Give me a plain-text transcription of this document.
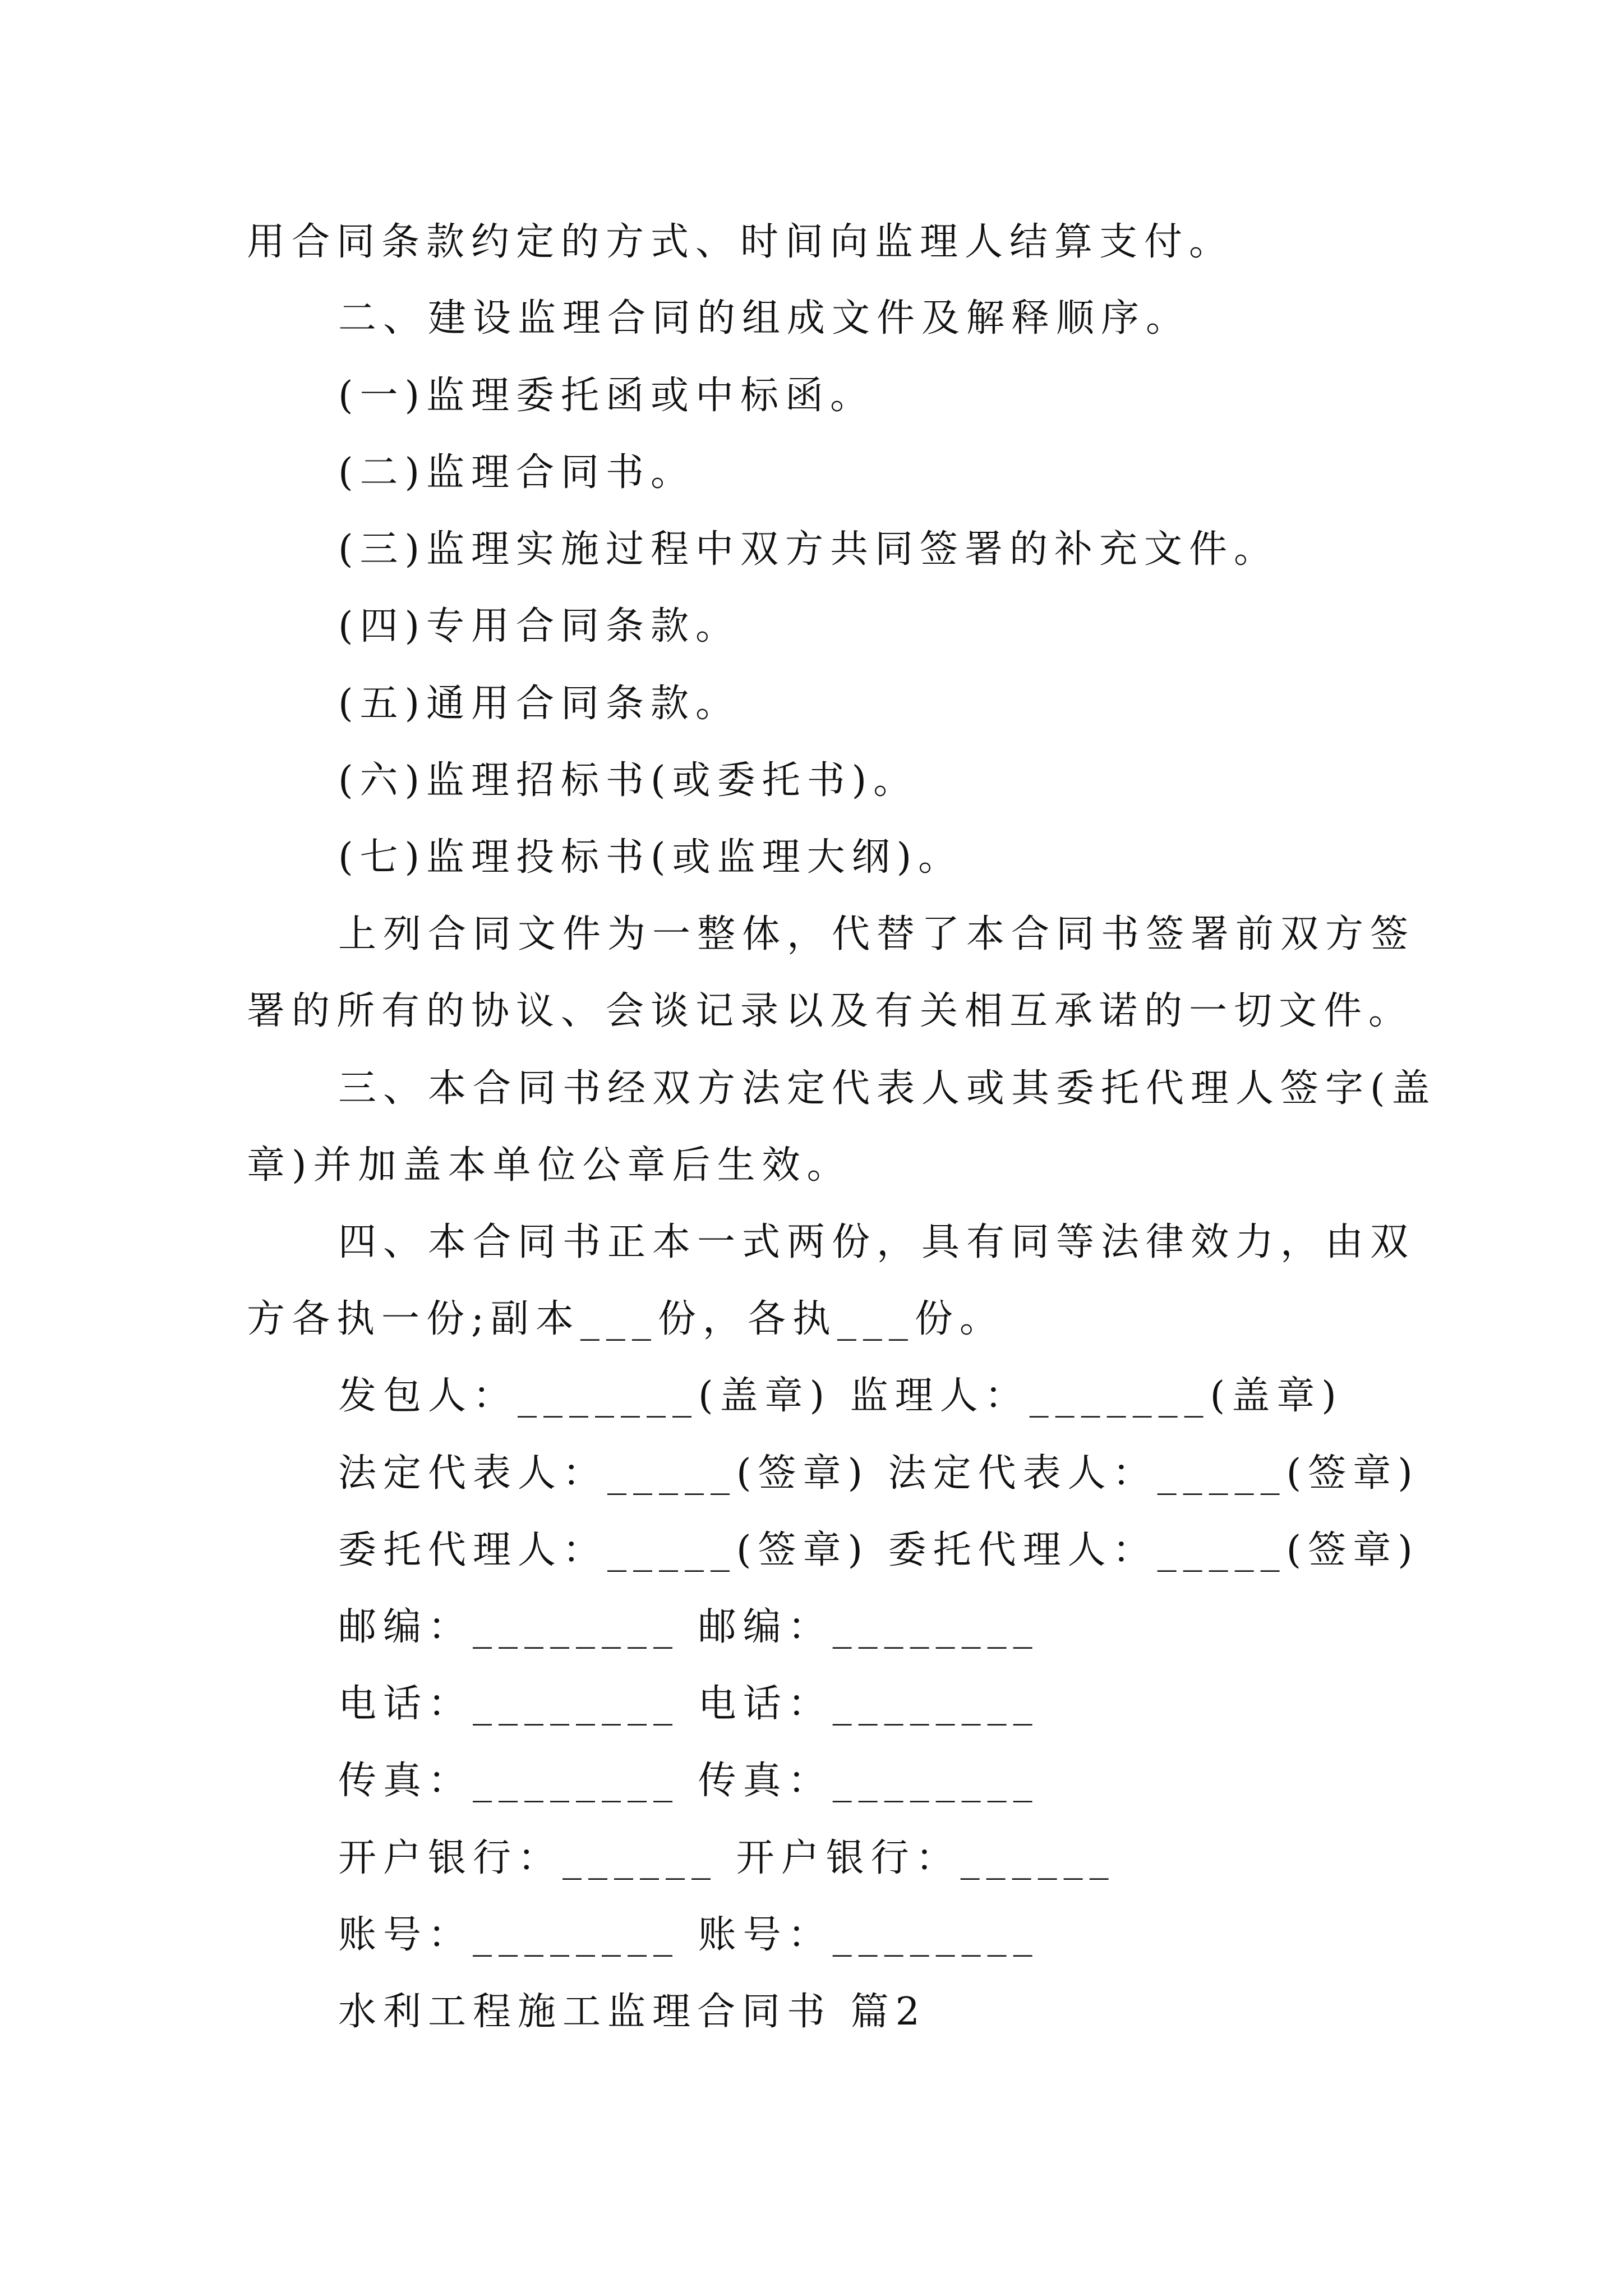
用合同条款约定的方式、时间向监理人结算支付。
二、建设监理合同的组成文件及解释顺序。
(一)监理委托函或中标函。
(二)监理合同书。
(三)监理实施过程中双方共同签署的补充文件。
(四)专用合同条款。
(五)通用合同条款。
(六)监理招标书(或委托书)。
(七)监理投标书(或监理大纲)。
上列合同文件为一整体，代替了本合同书签署前双方签
署的所有的协议、会谈记录以及有关相互承诺的一切文件。
三、本合同书经双方法定代表人或其委托代理人签字(盖
章)并加盖本单位公章后生效。
四、本合同书正本一式两份，具有同等法律效力，由双
方各执一份;副本___份，各执___份。
发包人：_______(盖章) 监理人：_______(盖章)
法定代表人：_____(签章) 法定代表人：_____(签章)
委托代理人：_____(签章) 委托代理人：_____(签章)
邮编：________ 邮编：________
电话：________ 电话：________
传真：________ 传真：________
开户银行：______ 开户银行：______
账号：________ 账号：________
水利工程施工监理合同书 篇2
